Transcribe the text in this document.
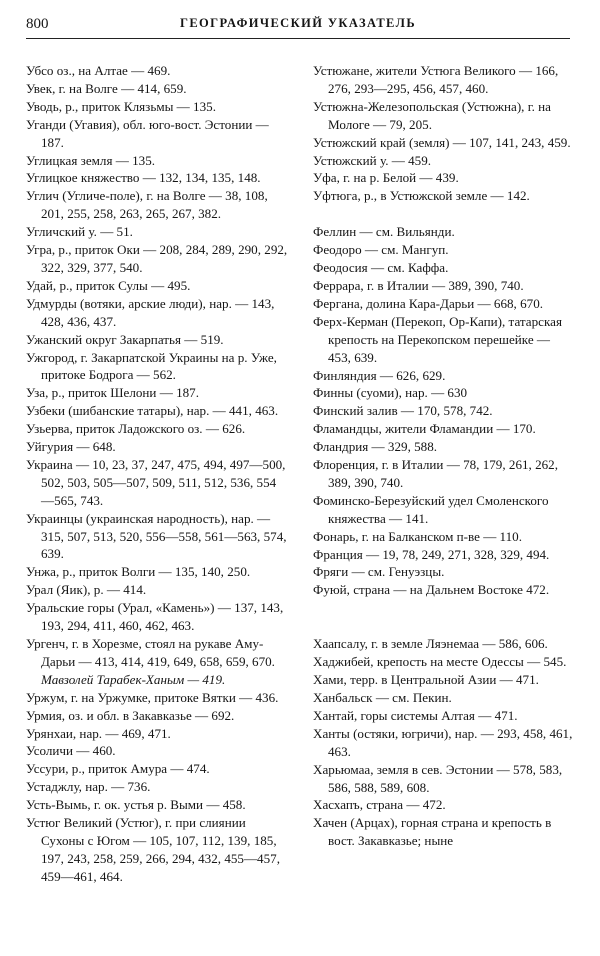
800	ГЕОГРАФИЧЕСКИЙ УКАЗАТЕЛЬ

Убсо оз., на Алтае — 469.

Увек, г. на Волге — 414, 659.

Уводь, р., приток Клязьмы — 135.

Уганди (Угавия), обл. юго-вост. Эстонии — 187.

Углицкая земля — 135.

Углицкое княжество — 132, 134, 135, 148.

Углич (Угличе-поле), г. на Волге — 38, 108, 201, 255, 258, 263, 265, 267, 382.

Угличский у. — 51.

Угра, р., приток Оки — 208, 284, 289, 290, 292, 322, 329, 377, 540.

Удай, р., приток Сулы — 495.

Удмурды (вотяки, арские люди), нар. — 143, 428, 436, 437.

Ужанский округ Закарпатья — 519.

Ужгород, г. Закарпатской Украины на р. Уже, притоке Бодрога — 562.

Уза, р., приток Шелони — 187.

Узбеки (шибанские татары), нар. — 441, 463.

Узьерва, приток Ладожского оз. — 626.

Уйгурия — 648.

Украина — 10, 23, 37, 247, 475, 494, 497—500, 502, 503, 505—507, 509, 511, 512, 536, 554—565, 743.

Украинцы (украинская народность), нар. — 315, 507, 513, 520, 556—558, 561—563, 574, 639.

Унжа, р., приток Волги — 135, 140, 250.

Урал (Яик), р. — 414.

Уральские горы (Урал, «Камень») — 137, 143, 193, 294, 411, 460, 462, 463.

Ургенч, г. в Хорезме, стоял на рукаве Аму-Дарьи — 413, 414, 419, 649, 658, 659, 670.

Мавзолей Тарабек-Ханым — 419.

Уржум, г. на Уржумке, притоке Вятки — 436.

Урмия, оз. и обл. в Закавказье — 692.

Урянхаи, нар. — 469, 471.

Усоличи — 460.

Уссури, р., приток Амура — 474.

Устаджлу, нар. — 736.

Усть-Вымь, г. ок. устья р. Выми — 458.

Устюг Великий (Устюг), г. при слиянии Сухоны с Югом — 105, 107, 112, 139, 185, 197, 243, 258, 259, 266, 294, 432, 455—457, 459—461, 464.

Устюжане, жители Устюга Великого — 166, 276, 293—295, 456, 457, 460.

Устюжна-Железопольская (Устюжна), г. на Мологе — 79, 205.

Устюжский край (земля) — 107, 141, 243, 459.

Устюжский у. — 459.

Уфа, г. на р. Белой — 439.

Уфтюга, р., в Устюжской земле — 142.

Феллин — см. Вильянди.

Феодоро — см. Мангуп.

Феодосия — см. Каффа.

Феррара, г. в Италии — 389, 390, 740.

Фергана, долина Кара-Дарьи — 668, 670.

Ферх-Керман (Перекоп, Ор-Капи), татарская крепость на Перекопском перешейке — 453, 639.

Финляндия — 626, 629.

Финны (суоми), нар. — 630

Финский залив — 170, 578, 742.

Фламандцы, жители Фламандии — 170.

Фландрия — 329, 588.

Флоренция, г. в Италии — 78, 179, 261, 262, 389, 390, 740.

Фоминско-Березуйский удел Смоленского княжества — 141.

Фонарь, г. на Балканском п-ве — 110.

Франция — 19, 78, 249, 271, 328, 329, 494.

Фряги — см. Генуэзцы.

Фуюй, страна — на Дальнем Востоке 472.

Хаапсалу, г. в земле Ляэнемаа — 586, 606.

Хаджибей, крепость на месте Одессы — 545.

Хами, терр. в Центральной Азии — 471.

Ханбальск — см. Пекин.

Хантай, горы системы Алтая — 471.

Ханты (остяки, югричи), нар. — 293, 458, 461, 463.

Харьюмаа, земля в сев. Эстонии — 578, 583, 586, 588, 589, 608.

Хасхапъ, страна — 472.

Хачен (Арцах), горная страна и крепость в вост. Закавказье; ныне
